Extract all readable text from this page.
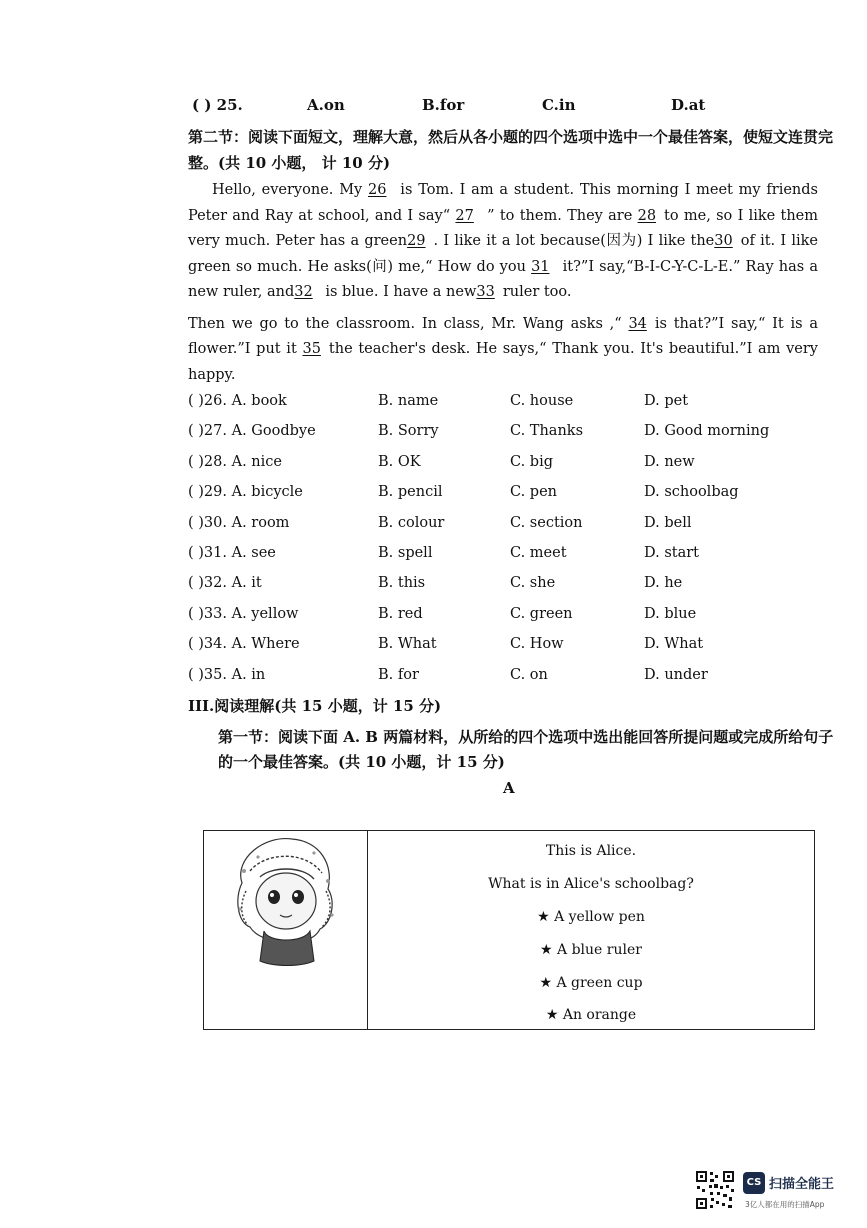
( ) 25.	A.on	B.for	C.in	D.at
第二节：阅读下面短文，理解大意，然后从各小题的四个选项中选中一个最佳答案，使短文连贯完整。(共 10 小题， 计 10 分)

Hello, everyone. My 26 is Tom. I am a student. This morning I meet my friends Peter and Ray at school, and I say“ 27 ” to them. They are 28 to me, so I like them very much. Peter has a green29 . I like it a lot because(因为) I like the30 of it. I like green so much. He asks(问) me,“ How do you 31 it?”I say,“B-I-C-Y-C-L-E.” Ray has a new ruler, and32 is blue. I have a new33 ruler too.

Then we go to the classroom. In class, Mr. Wang asks ,“ 34 is that?”I say,“ It is a flower.”I put it 35 the teacher's desk. He says,“ Thank you. It's beautiful.”I am very happy.

( )26. A. book	B. name	C. house	D. pet
( )27. A. Goodbye	B. Sorry	C. Thanks	D. Good morning
( )28. A. nice	B. OK	C. big	D. new
( )29. A. bicycle	B. pencil	C. pen	D. schoolbag
( )30. A. room	B. colour	C. section	D. bell
( )31. A. see	B. spell	C. meet	D. start
( )32. A. it	B. this	C. she	D. he
( )33. A. yellow	B. red	C. green	D. blue
( )34. A. Where	B. What	C. How	D. What
( )35. A. in	B. for	C. on	D. under
III.阅读理解(共 15 小题，计 15 分)
第一节：阅读下面 A. B 两篇材料，从所给的四个选项中选出能回答所提问题或完成所给句子的一个最佳答案。(共 10 小题，计 15 分)
A
This is Alice.
What is in Alice's schoolbag?
★ A yellow pen
★ A blue ruler
★ A green cup
★ An orange
CS 扫描全能王
3亿人都在用的扫描App
